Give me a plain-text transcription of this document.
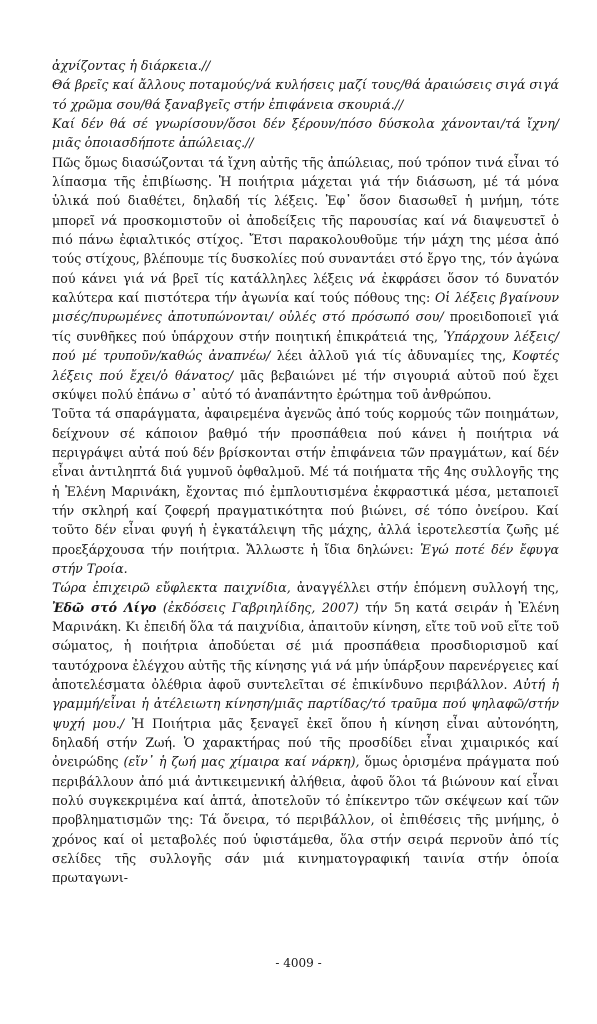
ἀχνίζοντας ἡ διάρκεια.//

Θά βρεῖς καί ἄλλους ποταμούς/νά κυλήσεις μαζί τους/θά ἀραιώσεις σιγά σιγά τό χρῶμα σου/θά ξαναβγεῖς στήν ἐπιφάνεια σκουριά.//

Καί δέν θά σέ γνωρίσουν/ὅσοι δέν ξέρουν/πόσο δύσκολα χάνονται/τά ἴχνη/μιᾶς ὁποιασδήποτε ἀπώλειας.//

Πῶς ὅμως διασώζονται τά ἴχνη αὐτῆς τῆς ἀπώλειας, πού τρόπον τινά εἶναι τό λίπασμα τῆς ἐπιβίωσης. Ἡ ποιήτρια μάχεται γιά τήν διάσωση, μέ τά μόνα ὑλικά πού διαθέτει, δηλαδή τίς λέξεις. Ἐφ᾽ ὅσον διασωθεῖ ἡ μνήμη, τότε μπορεῖ νά προσκομιστοῦν οἱ ἀποδείξεις τῆς παρουσίας καί νά διαψευστεῖ ὁ πιό πάνω ἐφιαλτικός στίχος. Ἔτσι παρακολουθοῦμε τήν μάχη της μέσα ἀπό τούς στίχους, βλέπουμε τίς δυσκολίες πού συναντάει στό ἔργο της, τόν ἀγώνα πού κάνει γιά νά βρεῖ τίς κατάλληλες λέξεις νά ἐκφράσει ὅσον τό δυνατόν καλύτερα καί πιστότερα τήν ἀγωνία καί τούς πόθους της: Οἱ λέξεις βγαίνουν μισές/πυρωμένες ἀποτυπώνονται/ οὐλές στό πρόσωπό σου/ προειδοποιεῖ γιά τίς συνθῆκες πού ὑπάρχουν στήν ποιητική ἐπικράτειά της, Ὑπάρχουν λέξεις/πού μέ τρυποῦν/καθώς ἀναπνέω/ λέει ἀλλοῦ γιά τίς ἀδυναμίες της, Κοφτές λέξεις πού ἔχει/ὁ θάνατος/ μᾶς βεβαιώνει μέ τήν σιγουριά αὐτοῦ πού ἔχει σκύψει πολύ ἐπάνω σ᾽ αὐτό τό ἀναπάντητο ἐρώτημα τοῦ ἀνθρώπου.

Τοῦτα τά σπαράγματα, ἀφαιρεμένα ἀγενῶς ἀπό τούς κορμούς τῶν ποιημάτων, δείχνουν σέ κάποιον βαθμό τήν προσπάθεια πού κάνει ἡ ποιήτρια νά περιγράψει αὐτά πού δέν βρίσκονται στήν ἐπιφάνεια τῶν πραγμάτων, καί δέν εἶναι ἀντιληπτά διά γυμνοῦ ὀφθαλμοῦ. Μέ τά ποιήματα τῆς 4ης συλλογῆς της ἡ Ἐλένη Μαρινάκη, ἔχοντας πιό ἐμπλουτισμένα ἐκφραστικά μέσα, μεταποιεῖ τήν σκληρή καί ζοφερή πραγματικότητα πού βιώνει, σέ τόπο ὀνείρου. Καί τοῦτο δέν εἶναι φυγή ἡ ἐγκατάλειψη τῆς μάχης, ἀλλά ἱεροτελεστία ζωῆς μέ προεξάρχουσα τήν ποιήτρια. Ἄλλωστε ἡ ἴδια δηλώνει: Ἐγώ ποτέ δέν ἔφυγα στήν Τροία.

Τώρα ἐπιχειρῶ εὔφλεκτα παιχνίδια, ἀναγγέλλει στήν ἑπόμενη συλλογή της, Ἐδῶ στό Λίγο (ἐκδόσεις Γαβριηλίδης, 2007) τήν 5η κατά σειράν ἡ Ἐλένη Μαρινάκη. Κι ἐπειδή ὅλα τά παιχνίδια, ἀπαιτοῦν κίνηση, εἴτε τοῦ νοῦ εἴτε τοῦ σώματος, ἡ ποιήτρια ἀποδύεται σέ μιά προσπάθεια προσδιορισμοῦ καί ταυτόχρονα ἐλέγχου αὐτῆς τῆς κίνησης γιά νά μήν ὑπάρξουν παρενέργειες καί ἀποτελέσματα ὀλέθρια ἀφοῦ συντελεῖται σέ ἐπικίνδυνο περιβάλλον. Αὐτή ἡ γραμμή/εἶναι ἡ ἀτέλειωτη κίνηση/μιᾶς παρτίδας/τό τραῦμα πού ψηλαφῶ/στήν ψυχή μου./ Ἡ Ποιήτρια μᾶς ξεναγεῖ ἐκεῖ ὅπου ἡ κίνηση εἶναι αὐτονόητη, δηλαδή στήν Ζωή. Ὁ χαρακτήρας πού τῆς προσδίδει εἶναι χιμαιρικός καί ὀνειρώδης (εἴν᾽ ἡ ζωή μας χίμαιρα καί νάρκη), ὅμως ὁρισμένα πράγματα πού περιβάλλουν ἀπό μιά ἀντικειμενική ἀλήθεια, ἀφοῦ ὅλοι τά βιώνουν καί εἶναι πολύ συγκεκριμένα καί ἁπτά, ἀποτελοῦν τό ἐπίκεντρο τῶν σκέψεων καί τῶν προβληματισμῶν της: Τά ὄνειρα, τό περιβάλλον, οἱ ἐπιθέσεις τῆς μνήμης, ὁ χρόνος καί οἱ μεταβολές πού ὑφιστάμεθα, ὅλα στήν σειρά περνοῦν ἀπό τίς σελίδες τῆς συλλογῆς σάν μιά κινηματογραφική ταινία στήν ὁποία πρωταγωνι-

- 4009 -
